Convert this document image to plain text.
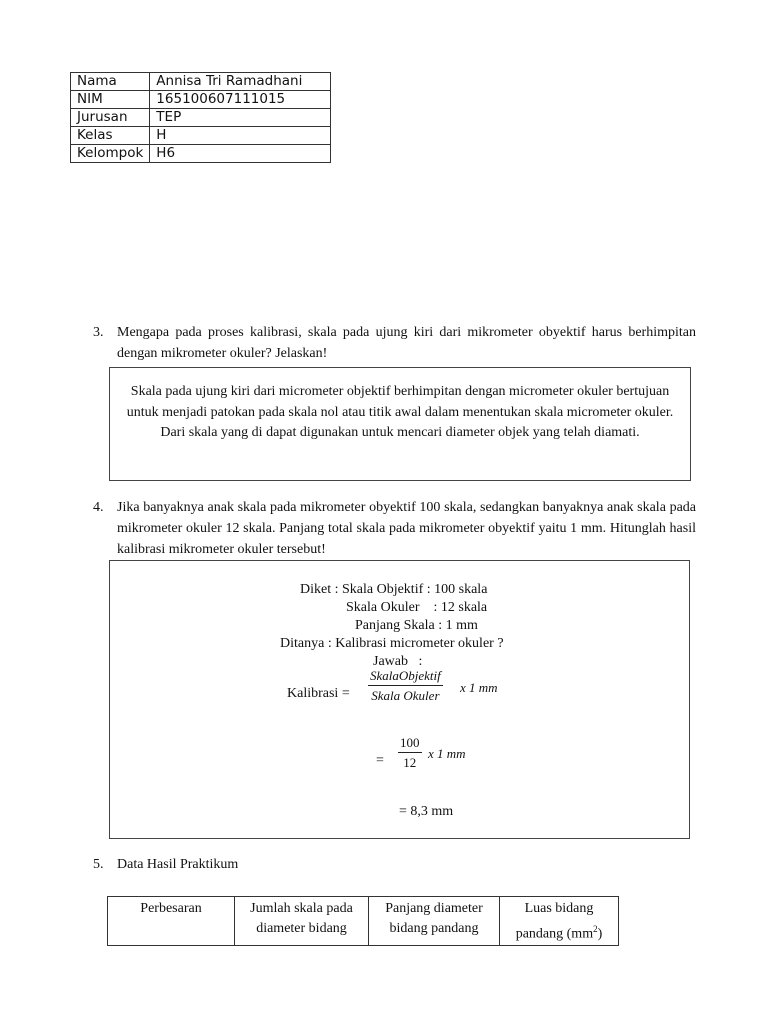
Nama	Annisa Tri Ramadhani
NIM	165100607111015
Jurusan	TEP
Kelas	H
Kelompok	H6
3. Mengapa pada proses kalibrasi, skala pada ujung kiri dari mikrometer obyektif harus berhimpitan dengan mikrometer okuler? Jelaskan!
Skala pada ujung kiri dari micrometer objektif berhimpitan dengan micrometer okuler bertujuan untuk menjadi patokan pada skala nol atau titik awal dalam menentukan skala micrometer okuler. Dari skala yang di dapat digunakan untuk mencari diameter objek yang telah diamati.
4. Jika banyaknya anak skala pada mikrometer obyektif 100 skala, sedangkan banyaknya anak skala pada mikrometer okuler 12 skala. Panjang total skala pada mikrometer obyektif yaitu 1 mm. Hitunglah hasil kalibrasi mikrometer okuler tersebut!
Diket : Skala Objektif : 100 skala
Skala Okuler    : 12 skala
Panjang Skala : 1 mm
Ditanya : Kalibrasi micrometer okuler ?
Jawab   :
Kalibrasi =
SkalaObjektif
Skala Okuler
x 1 mm
= $\frac{100}{12}$ x 1 mm
= 8,3 mm
5. Data Hasil Praktikum
Perbesaran	Jumlah skala pada diameter bidang	Panjang diameter bidang pandang	Luas bidang pandang $(mm^2)$
